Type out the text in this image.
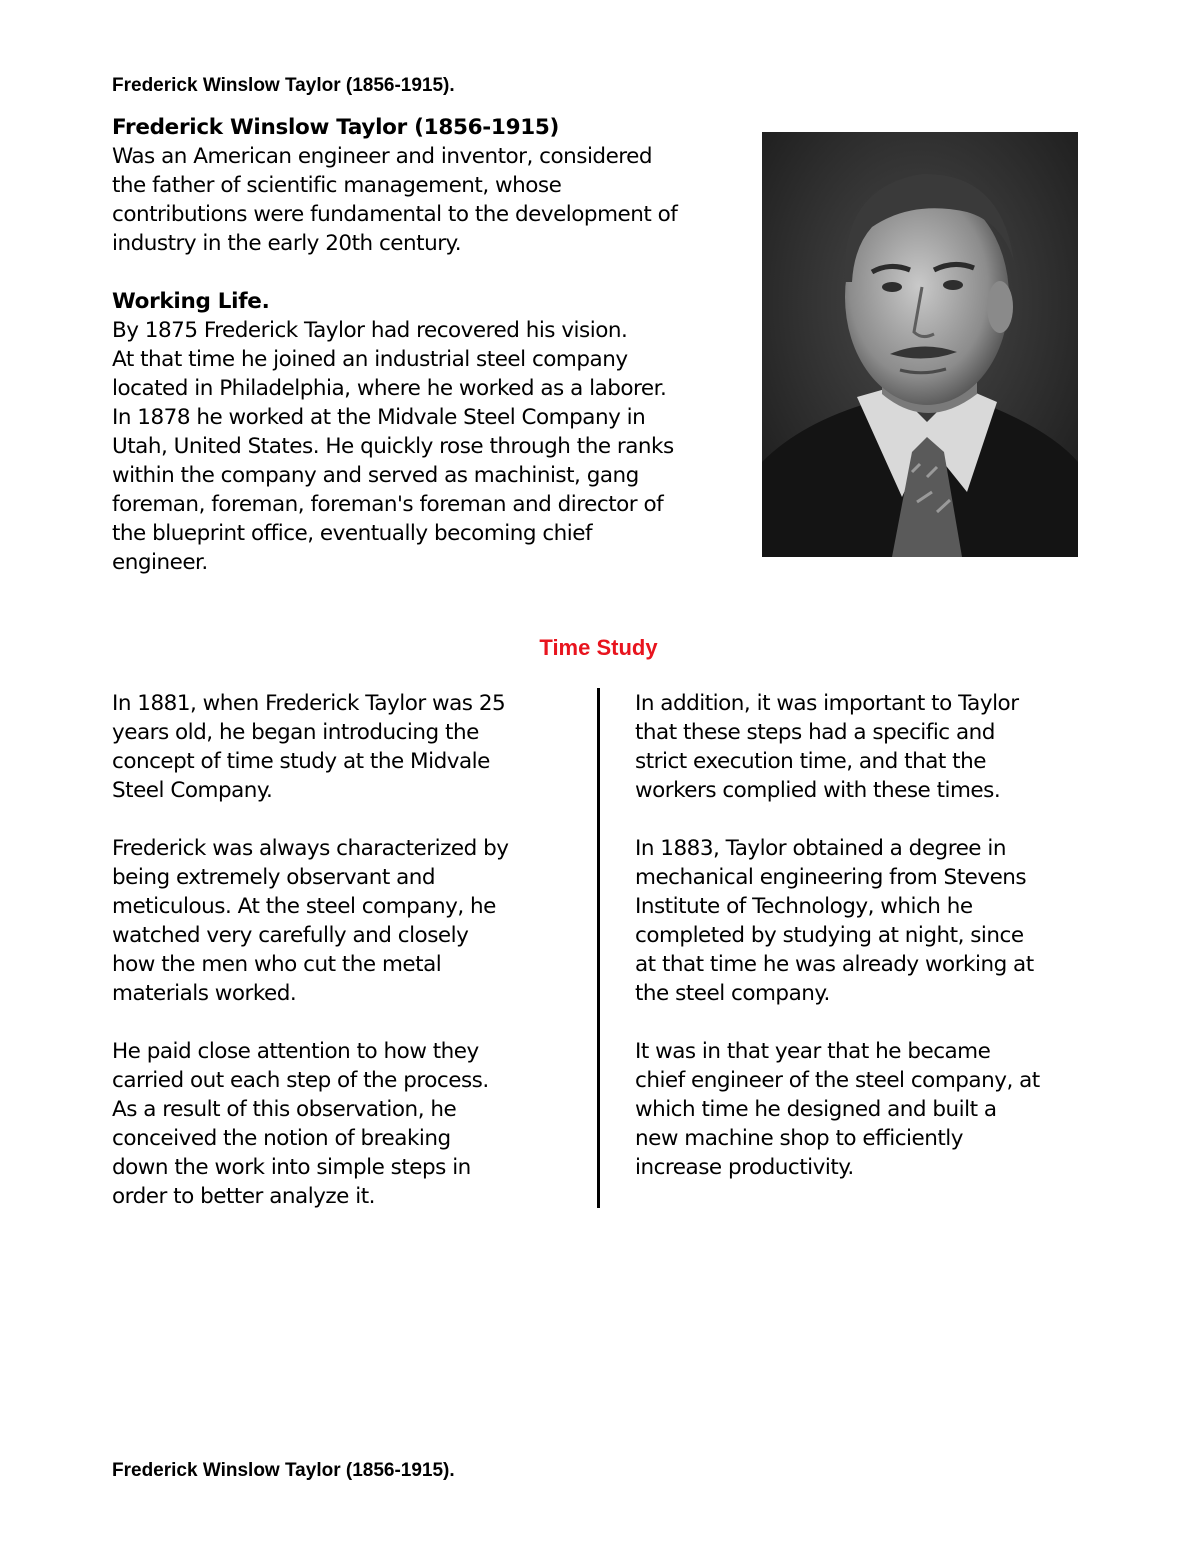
Frederick Winslow Taylor (1856-1915).
Frederick Winslow Taylor (1856-1915)
Was an American engineer and inventor, considered
the father of scientific management, whose
contributions were fundamental to the development of
industry in the early 20th century.
Working Life.
By 1875 Frederick Taylor had recovered his vision.
At that time he joined an industrial steel company
located in Philadelphia, where he worked as a laborer.
In 1878 he worked at the Midvale Steel Company in
Utah, United States. He quickly rose through the ranks
within the company and served as machinist, gang
foreman, foreman, foreman's foreman and director of
the blueprint office, eventually becoming chief
engineer.
Time Study
In 1881, when Frederick Taylor was 25
years old, he began introducing the
concept of time study at the Midvale
Steel Company.
Frederick was always characterized by
being extremely observant and
meticulous. At the steel company, he
watched very carefully and closely
how the men who cut the metal
materials worked.
He paid close attention to how they
carried out each step of the process.
As a result of this observation, he
conceived the notion of breaking
down the work into simple steps in
order to better analyze it.
In addition, it was important to Taylor
that these steps had a specific and
strict execution time, and that the
workers complied with these times.
In 1883, Taylor obtained a degree in
mechanical engineering from Stevens
Institute of Technology, which he
completed by studying at night, since
at that time he was already working at
the steel company.
It was in that year that he became
chief engineer of the steel company, at
which time he designed and built a
new machine shop to efficiently
increase productivity.
Frederick Winslow Taylor (1856-1915).
